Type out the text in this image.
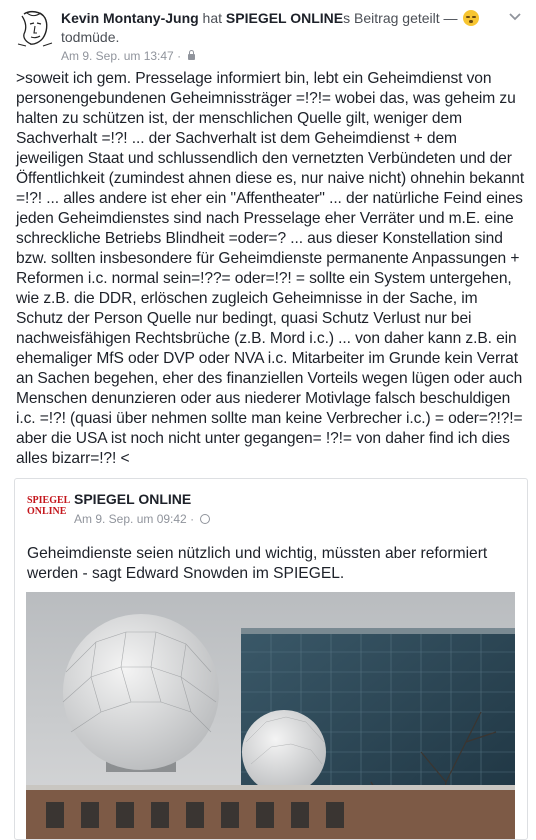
Kevin Montany-Jung hat SPIEGEL ONLINEs Beitrag geteilt —

todmüde.
Am 9. Sep. um 13:47 ·
>soweit ich gem. Presselage informiert bin, lebt ein Geheimdienst von personengebundenen Geheimnissträger =!?!= wobei das, was geheim zu halten zu schützen ist, der menschlichen Quelle gilt, weniger dem Sachverhalt =!?! ... der Sachverhalt ist dem Geheimdienst + dem jeweiligen Staat und schlussendlich den vernetzten Verbündeten und der Öffentlichkeit (zumindest ahnen diese es, nur naive nicht) ohnehin bekannt =!?! ... alles andere ist eher ein "Affentheater" ... der natürliche Feind eines jeden Geheimdienstes sind nach Presselage eher Verräter und m.E. eine schreckliche Betriebs Blindheit =oder=? ... aus dieser Konstellation sind bzw. sollten insbesondere für Geheimdienste permanente Anpassungen + Reformen i.c. normal sein=!??= oder=!?! = sollte ein System untergehen, wie z.B. die DDR, erlöschen zugleich Geheimnisse in der Sache, im Schutz der Person Quelle nur bedingt, quasi Schutz Verlust nur bei nachweisfähigen Rechtsbrüche (z.B. Mord i.c.) ... von daher kann z.B. ein ehemaliger MfS oder DVP oder NVA i.c. Mitarbeiter im Grunde kein Verrat an Sachen begehen, eher des finanziellen Vorteils wegen lügen oder auch Menschen denunzieren oder aus niederer Motivlage falsch beschuldigen i.c. =!?! (quasi über nehmen sollte man keine Verbrecher i.c.) = oder=?!?!= aber die USA ist noch nicht unter gegangen= !?!= von daher find ich dies alles bizarr=!?! <
SPIEGEL
ONLINE
SPIEGEL ONLINE
Am 9. Sep. um 09:42 ·
Geheimdienste seien nützlich und wichtig, müssten aber reformiert werden - sagt Edward Snowden im SPIEGEL.
